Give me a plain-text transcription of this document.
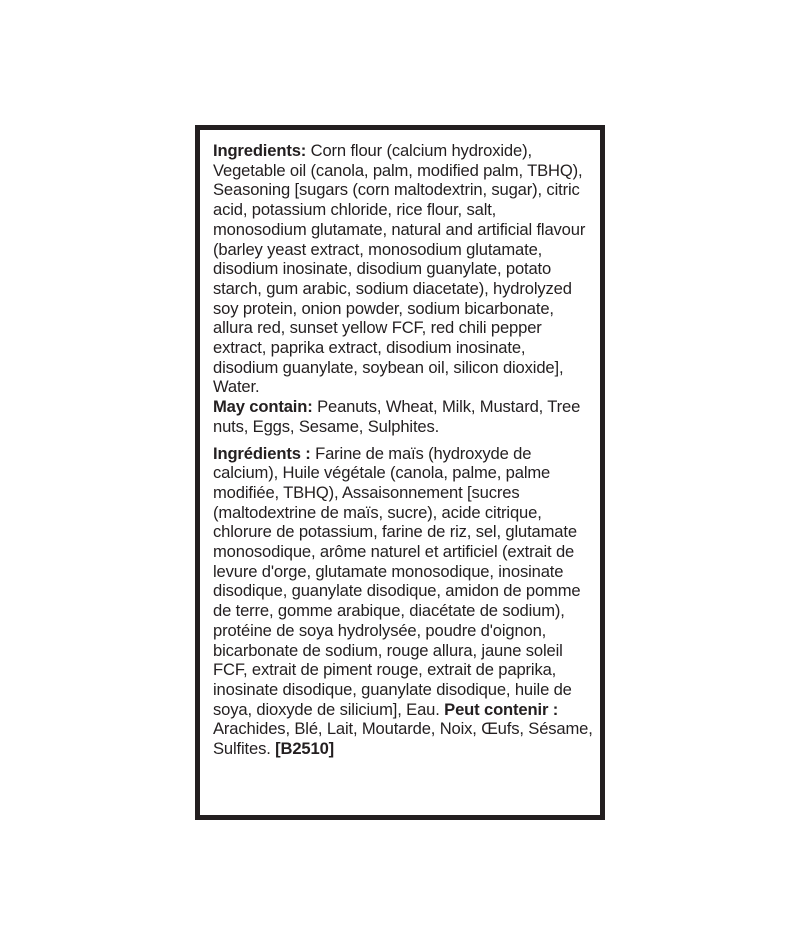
Ingredients: Corn flour (calcium hydroxide), Vegetable oil (canola, palm, modified palm, TBHQ), Seasoning [sugars (corn maltodextrin, sugar), citric acid, potassium chloride, rice flour, salt, monosodium glutamate, natural and artificial flavour (barley yeast extract, monosodium glutamate, disodium inosinate, disodium guanylate, potato starch, gum arabic, sodium diacetate), hydrolyzed soy protein, onion powder, sodium bicarbonate, allura red, sunset yellow FCF, red chili pepper extract, paprika extract, disodium inosinate, disodium guanylate, soybean oil, silicon dioxide], Water.
May contain: Peanuts, Wheat, Milk, Mustard, Tree nuts, Eggs, Sesame, Sulphites.

Ingrédients : Farine de maïs (hydroxyde de calcium), Huile végétale (canola, palme, palme modifiée, TBHQ), Assaisonnement [sucres (maltodextrine de maïs, sucre), acide citrique, chlorure de potassium, farine de riz, sel, glutamate monosodique, arôme naturel et artificiel (extrait de levure d'orge, glutamate monosodique, inosinate disodique, guanylate disodique, amidon de pomme de terre, gomme arabique, diacétate de sodium), protéine de soya hydrolysée, poudre d'oignon, bicarbonate de sodium, rouge allura, jaune soleil FCF, extrait de piment rouge, extrait de paprika, inosinate disodique, guanylate disodique, huile de soya, dioxyde de silicium], Eau. Peut contenir : Arachides, Blé, Lait, Moutarde, Noix, Œufs, Sésame, Sulfites. [B2510]
